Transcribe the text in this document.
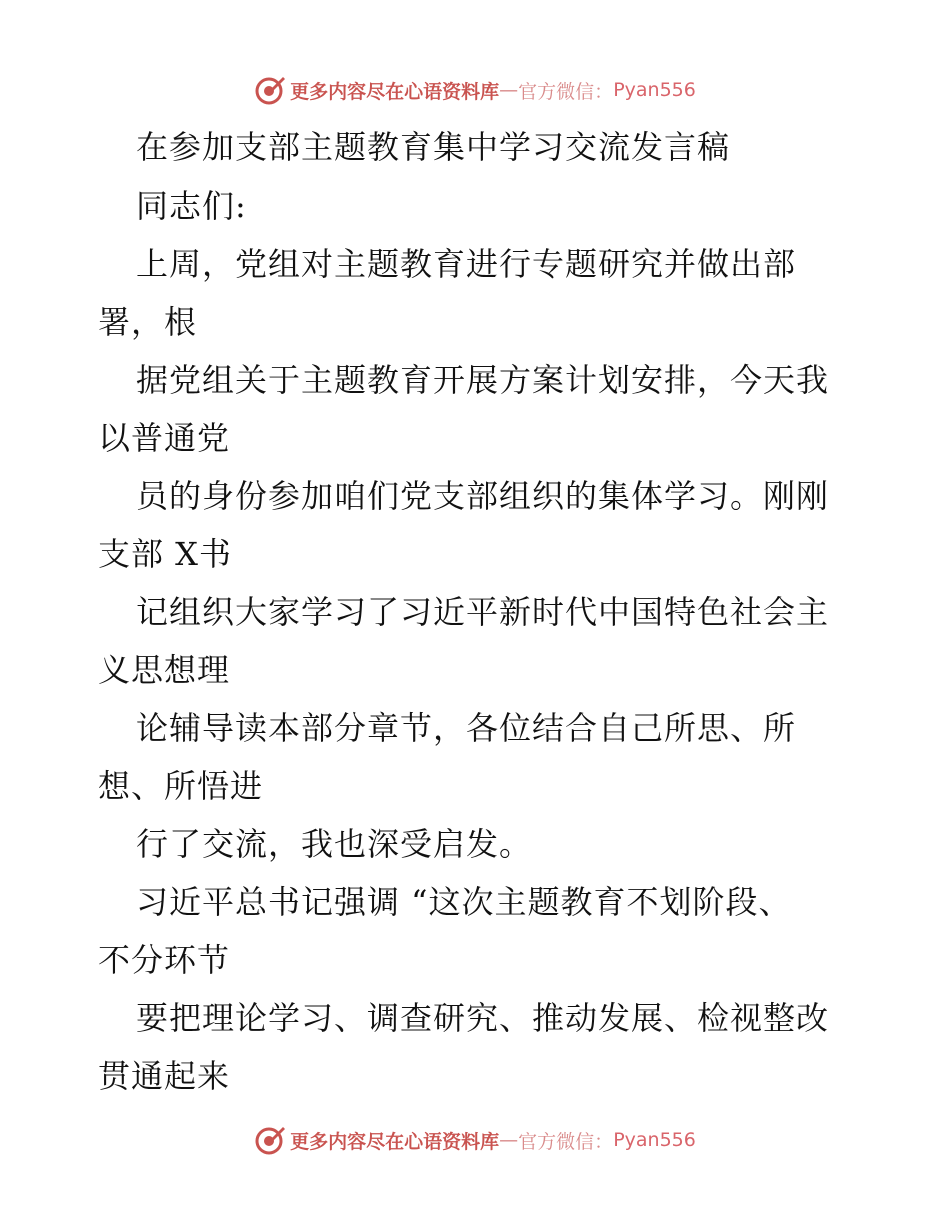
更多内容尽在心语资料库 — 官方微信： Pyan556
在参加支部主题教育集中学习交流发言稿
同志们:
上周，党组对主题教育进行专题研究并做出部
署，根
据党组关于主题教育开展方案计划安排，今天我
以普通党
员的身份参加咱们党支部组织的集体学习。刚刚
支部 X书
记组织大家学习了习近平新时代中国特色社会主
义思想理
论辅导读本部分章节，各位结合自己所思、所
想、所悟进
行了交流，我也深受启发。
习近平总书记强调 “这次主题教育不划阶段、
不分环节
要把理论学习、调查研究、推动发展、检视整改
贯通起来
更多内容尽在心语资料库 — 官方微信： Pyan556
